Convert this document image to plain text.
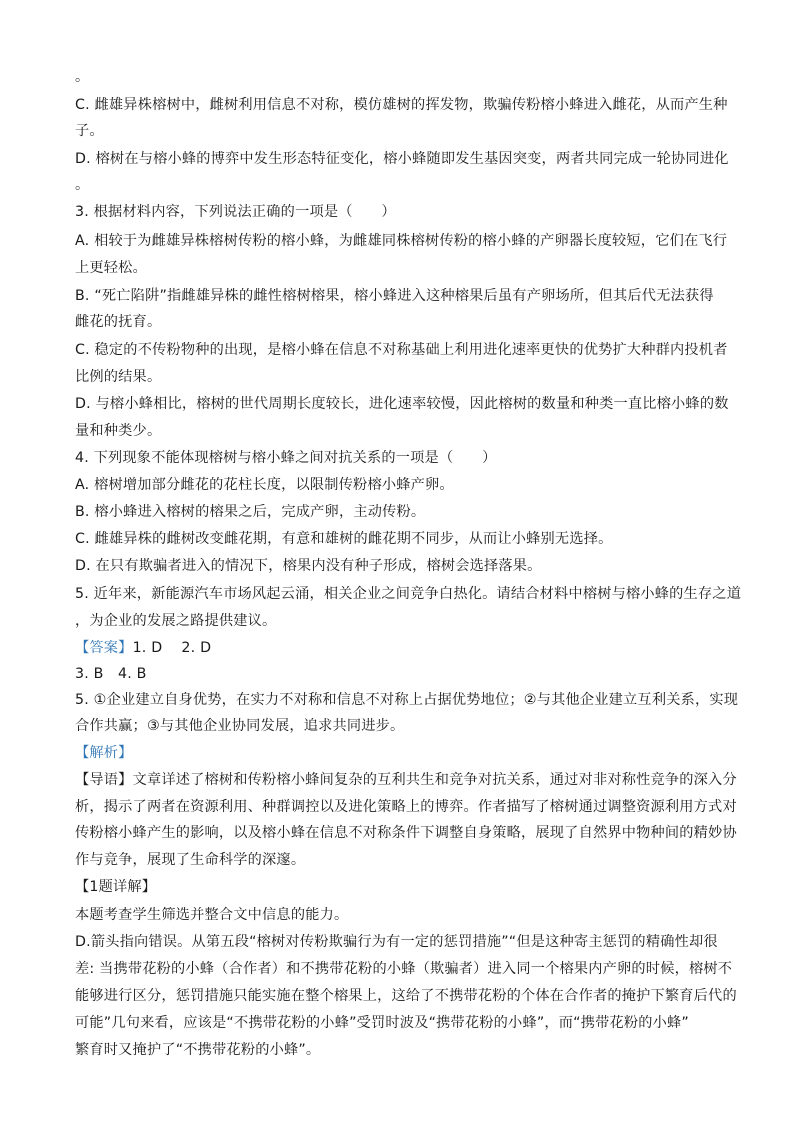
。
C. 雌雄异株榕树中，雌树利用信息不对称，模仿雄树的挥发物，欺骗传粉榕小蜂进入雌花，从而产生种
子。
D. 榕树在与榕小蜂的博弈中发生形态特征变化，榕小蜂随即发生基因突变，两者共同完成一轮协同进化
。
3. 根据材料内容，下列说法正确的一项是（　　）
A. 相较于为雌雄异株榕树传粉的榕小蜂，为雌雄同株榕树传粉的榕小蜂的产卵器长度较短，它们在飞行
上更轻松。
B. “死亡陷阱”指雌雄异株的雌性榕树榕果，榕小蜂进入这种榕果后虽有产卵场所，但其后代无法获得
雌花的抚育。
C. 稳定的不传粉物种的出现，是榕小蜂在信息不对称基础上利用进化速率更快的优势扩大种群内投机者
比例的结果。
D. 与榕小蜂相比，榕树的世代周期长度较长，进化速率较慢，因此榕树的数量和种类一直比榕小蜂的数
量和种类少。
4. 下列现象不能体现榕树与榕小蜂之间对抗关系的一项是（　　）
A. 榕树增加部分雌花的花柱长度，以限制传粉榕小蜂产卵。
B. 榕小蜂进入榕树的榕果之后，完成产卵，主动传粉。
C. 雌雄异株的雌树改变雌花期，有意和雄树的雌花期不同步，从而让小蜂别无选择。
D. 在只有欺骗者进入的情况下，榕果内没有种子形成，榕树会选择落果。
5. 近年来，新能源汽车市场风起云涌，相关企业之间竞争白热化。请结合材料中榕树与榕小蜂的生存之道
，为企业的发展之路提供建议。
【答案】1. D　 2. D
3. B　4. B
5. ①企业建立自身优势，在实力不对称和信息不对称上占据优势地位；②与其他企业建立互利关系，实现
合作共赢；③与其他企业协同发展，追求共同进步。
【解析】
【导语】文章详述了榕树和传粉榕小蜂间复杂的互利共生和竞争对抗关系，通过对非对称性竞争的深入分
析，揭示了两者在资源利用、种群调控以及进化策略上的博弈。作者描写了榕树通过调整资源利用方式对
传粉榕小蜂产生的影响，以及榕小蜂在信息不对称条件下调整自身策略，展现了自然界中物种间的精妙协
作与竞争，展现了生命科学的深邃。
【1题详解】
本题考查学生筛选并整合文中信息的能力。
D.箭头指向错误。从第五段“榕树对传粉欺骗行为有一定的惩罚措施”“但是这种寄主惩罚的精确性却很
差: 当携带花粉的小蜂（合作者）和不携带花粉的小蜂（欺骗者）进入同一个榕果内产卵的时候，榕树不
能够进行区分，惩罚措施只能实施在整个榕果上，这给了不携带花粉的个体在合作者的掩护下繁育后代的
可能”几句来看，应该是“不携带花粉的小蜂”受罚时波及“携带花粉的小蜂”，而“携带花粉的小蜂”
繁育时又掩护了“不携带花粉的小蜂”。
